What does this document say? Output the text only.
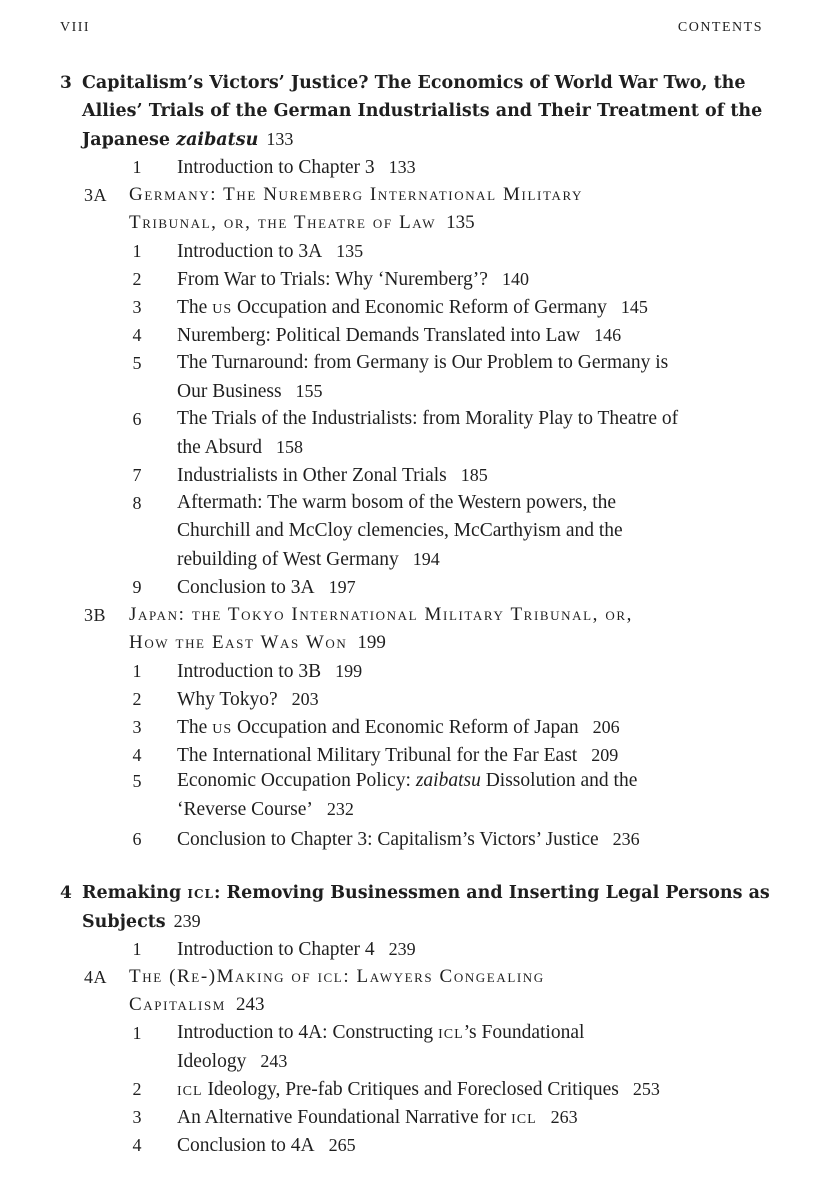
VIII	CONTENTS
3 Capitalism’s Victors’ Justice? The Economics of World War Two, the
Allies’ Trials of the German Industrialists and Their Treatment of the
Japanese zaibatsu 133
1 Introduction to Chapter 3 133
3A Germany: The Nuremberg International Military
Tribunal, or, the Theatre of Law 135
1 Introduction to 3A 135
2 From War to Trials: Why ‘Nuremberg’? 140
3 The us Occupation and Economic Reform of Germany 145
4 Nuremberg: Political Demands Translated into Law 146
5 The Turnaround: from Germany is Our Problem to Germany is
Our Business 155
6 The Trials of the Industrialists: from Morality Play to Theatre of
the Absurd 158
7 Industrialists in Other Zonal Trials 185
8 Aftermath: The warm bosom of the Western powers, the
Churchill and McCloy clemencies, McCarthyism and the
rebuilding of West Germany 194
9 Conclusion to 3A 197
3B Japan: the Tokyo International Military Tribunal, or,
How the East Was Won 199
1 Introduction to 3B 199
2 Why Tokyo? 203
3 The us Occupation and Economic Reform of Japan 206
4 The International Military Tribunal for the Far East 209
6 Conclusion to Chapter 3: Capitalism’s Victors’ Justice 236
4 Remaking icl: Removing Businessmen and Inserting Legal Persons as
Subjects 239
1 Introduction to Chapter 4 239
4A The (Re-)Making of icl: Lawyers Congealing
Capitalism 243
1 Introduction to 4A: Constructing icl’s Foundational
Ideology 243
2 icl Ideology, Pre-fab Critiques and Foreclosed Critiques 253
3 An Alternative Foundational Narrative for icl 263
4 Conclusion to 4A 265
5 Economic Occupation Policy: zaibatsu Dissolution and the
‘Reverse Course’ 232
